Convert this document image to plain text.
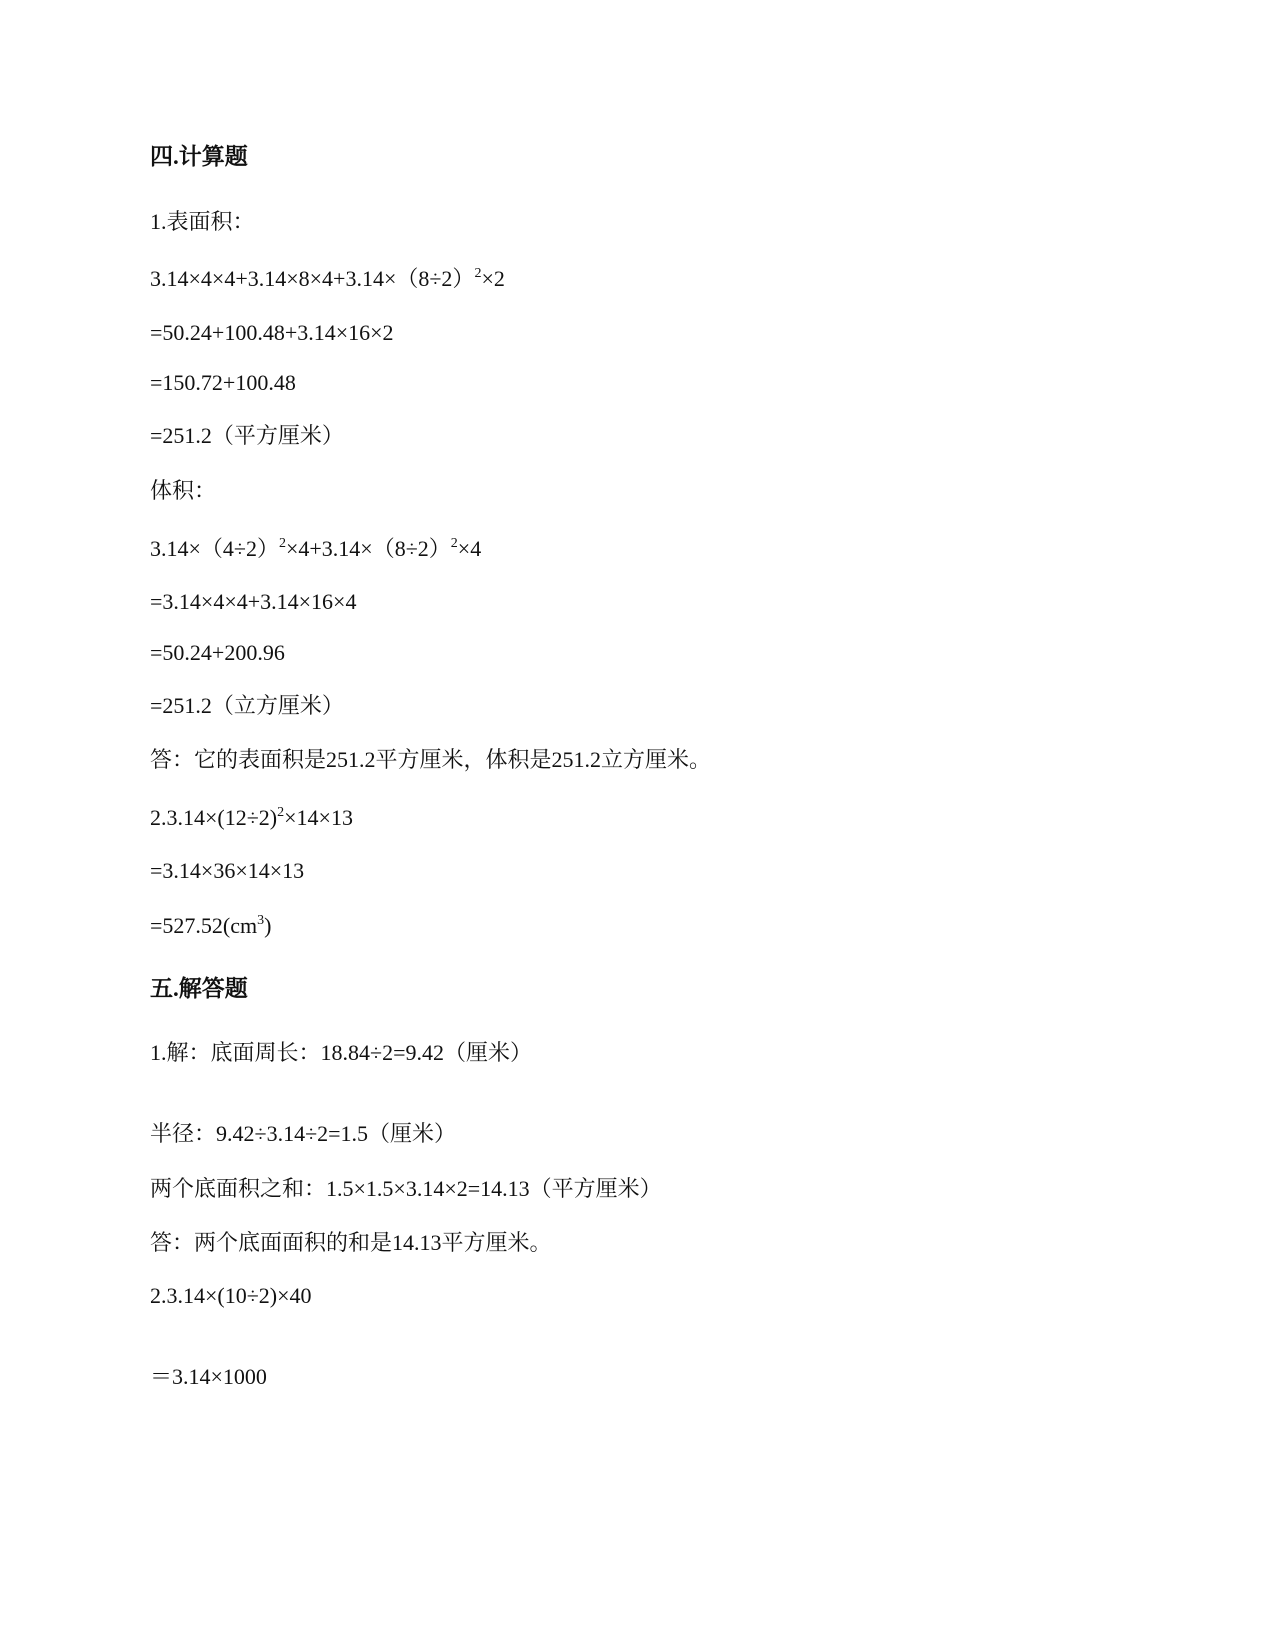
四.计算题
1.表面积：
$3.14\times 4\times 4+3.14\times 8\times 4+3.14\times(8\div 2)^2\times 2$
=50.24+100.48+3.14×16×2
=150.72+100.48
=251.2（平方厘米）
体积：
$3.14\times(4\div 2)^2\times 4+3.14\times(8\div 2)^2\times 4$
=3.14×4×4+3.14×16×4
=50.24+200.96
=251.2（立方厘米）
答：它的表面积是251.2平方厘米，体积是251.2立方厘米。
$2.3.14\times(12\div 2)^2\times 14\times 13$
=3.14×36×14×13
$=527.52(cm^3)$
五.解答题
1.解：底面周长：18.84÷2=9.42（厘米）
半径：9.42÷3.14÷2=1.5（厘米）
两个底面积之和：1.5×1.5×3.14×2=14.13（平方厘米）
答：两个底面面积的和是14.13平方厘米。
2.3.14×(10÷2)×40
＝3.14×1000
